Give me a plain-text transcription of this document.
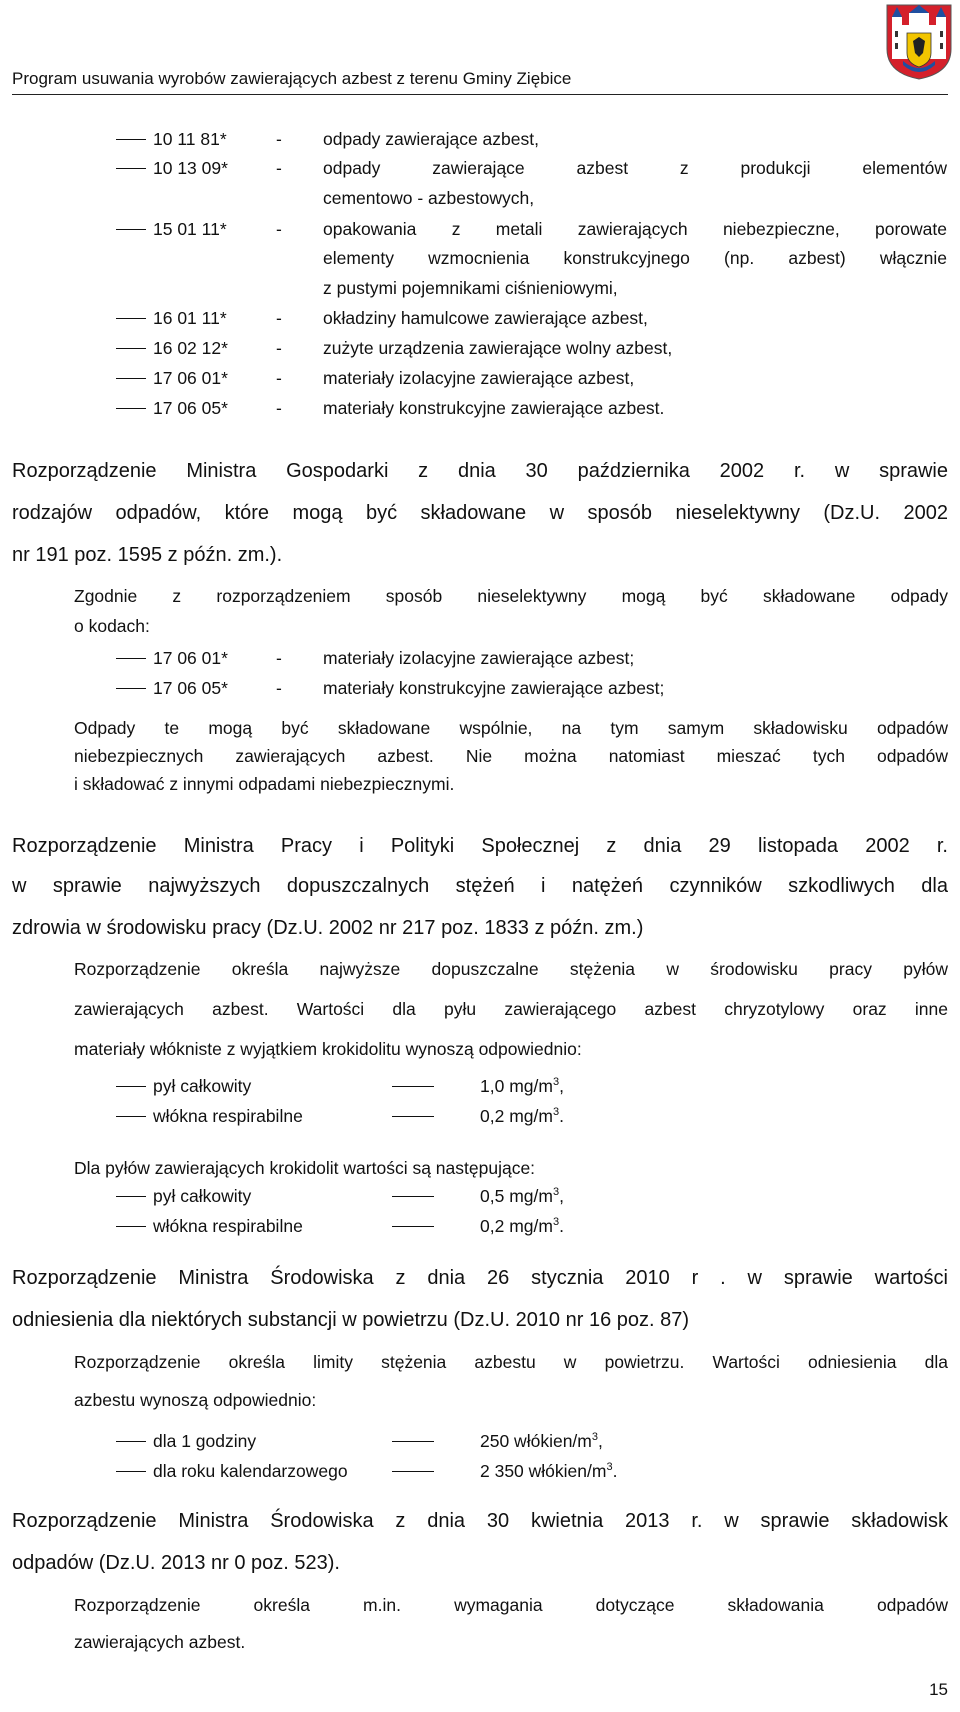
Program usuwania wyrobów zawierających azbest z terenu Gminy Ziębice
10 11 81*	- odpady zawierające azbest,
10 13 09*	- odpady zawierające azbest z produkcji elementów
cementowo - azbestowych,
15 01 11*	- opakowania z metali zawierających niebezpieczne, porowate
elementy wzmocnienia konstrukcyjnego (np. azbest) włącznie
z pustymi pojemnikami ciśnieniowymi,
16 01 11*	- okładziny hamulcowe zawierające azbest,
16 02 12*	- zużyte urządzenia zawierające wolny azbest,
17 06 01*	- materiały izolacyjne zawierające azbest,
17 06 05*	- materiały konstrukcyjne zawierające azbest.
Rozporządzenie Ministra Gospodarki z dnia 30 października 2002 r. w sprawie
rodzajów odpadów, które mogą być składowane w sposób nieselektywny (Dz.U. 2002
nr 191 poz. 1595 z późn. zm.).
Zgodnie z rozporządzeniem sposób nieselektywny mogą być składowane odpady
o kodach:
17 06 01*	- materiały izolacyjne zawierające azbest;
17 06 05*	- materiały konstrukcyjne zawierające azbest;
Odpady te mogą być składowane wspólnie, na tym samym składowisku odpadów
niebezpiecznych zawierających azbest. Nie można natomiast mieszać tych odpadów
i składować z innymi odpadami niebezpiecznymi.
Rozporządzenie Ministra Pracy i Polityki Społecznej z dnia 29 listopada 2002 r.
w sprawie najwyższych dopuszczalnych stężeń i natężeń czynników szkodliwych dla
zdrowia w środowisku pracy (Dz.U. 2002 nr 217 poz. 1833 z późn. zm.)
Rozporządzenie określa najwyższe dopuszczalne stężenia w środowisku pracy pyłów
zawierających azbest. Wartości dla pyłu zawierającego azbest chryzotylowy oraz inne
materiały włókniste z wyjątkiem krokidolitu wynoszą odpowiednio:
pył całkowity	1,0 $mg/m^3$,
włókna respirabilne	0,2 $mg/m^3$.
Dla pyłów zawierających krokidolit wartości są następujące:
pył całkowity	0,5 $mg/m^3$,
włókna respirabilne	0,2 $mg/m^3$.
Rozporządzenie Ministra Środowiska z dnia 26 stycznia 2010 r . w sprawie wartości
odniesienia dla niektórych substancji w powietrzu (Dz.U. 2010 nr 16 poz. 87)
Rozporządzenie określa limity stężenia azbestu w powietrzu. Wartości odniesienia dla
azbestu wynoszą odpowiednio:
dla 1 godziny	250 włókien/$m^3$,
dla roku kalendarzowego	2 350 włókien/$m^3$.
Rozporządzenie Ministra Środowiska z dnia 30 kwietnia 2013 r. w sprawie składowisk
odpadów (Dz.U. 2013 nr 0 poz. 523).
Rozporządzenie określa m.in. wymagania dotyczące składowania odpadów
zawierających azbest.
15
